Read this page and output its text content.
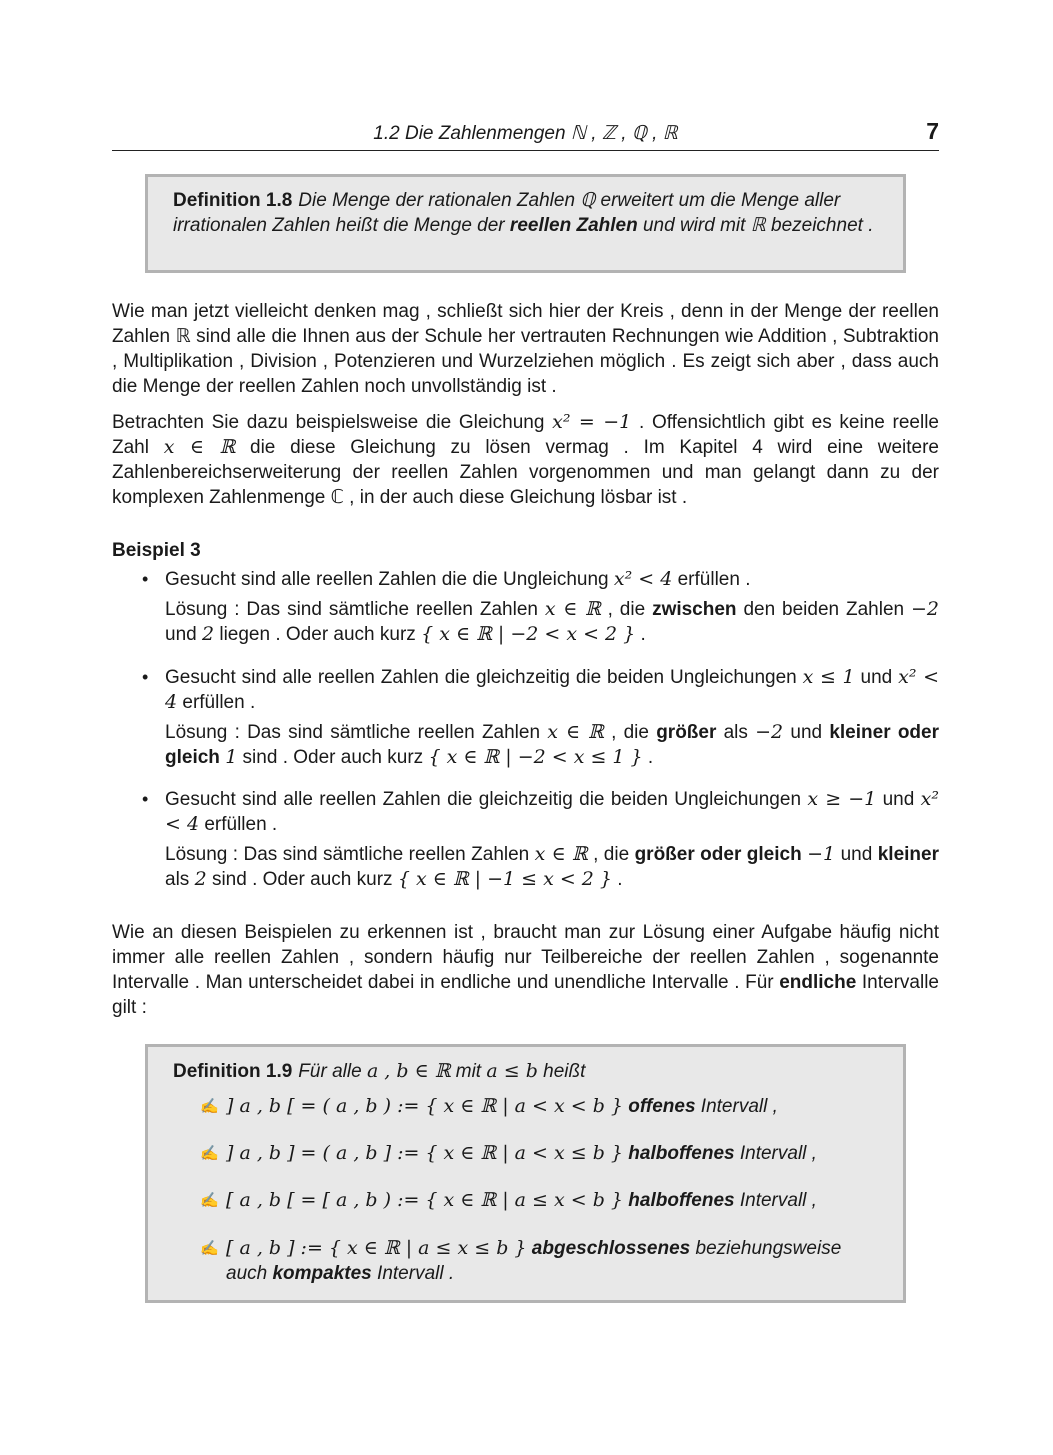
1.2 Die Zahlenmengen ℕ , ℤ , ℚ , ℝ	7
Definition 1.8 Die Menge der rationalen Zahlen ℚ erweitert um die Menge aller irrationalen Zahlen heißt die Menge der reellen Zahlen und wird mit ℝ bezeichnet .

Wie man jetzt vielleicht denken mag , schließt sich hier der Kreis , denn in der Menge der reellen Zahlen ℝ sind alle die Ihnen aus der Schule her vertrauten Rechnungen wie Addition , Subtraktion , Multiplikation , Division , Potenzieren und Wurzelziehen möglich . Es zeigt sich aber , dass auch die Menge der reellen Zahlen noch unvollständig ist .

Betrachten Sie dazu beispielsweise die Gleichung x² = −1 . Offensichtlich gibt es keine reelle Zahl x ∈ ℝ die diese Gleichung zu lösen vermag . Im Kapitel 4 wird eine weitere Zahlenbereichserweiterung der reellen Zahlen vorgenommen und man gelangt dann zu der komplexen Zahlenmenge ℂ , in der auch diese Gleichung lösbar ist .

Beispiel 3
• Gesucht sind alle reellen Zahlen die die Ungleichung x² < 4 erfüllen .
Lösung : Das sind sämtliche reellen Zahlen x ∈ ℝ , die zwischen den beiden Zahlen −2 und 2 liegen . Oder auch kurz { x ∈ ℝ | −2 < x < 2 } .
• Gesucht sind alle reellen Zahlen die gleichzeitig die beiden Ungleichungen x ≤ 1 und x² < 4 erfüllen .
Lösung : Das sind sämtliche reellen Zahlen x ∈ ℝ , die größer als −2 und kleiner oder gleich 1 sind . Oder auch kurz { x ∈ ℝ | −2 < x ≤ 1 } .
• Gesucht sind alle reellen Zahlen die gleichzeitig die beiden Ungleichungen x ≥ −1 und x² < 4 erfüllen .
Lösung : Das sind sämtliche reellen Zahlen x ∈ ℝ , die größer oder gleich −1 und kleiner als 2 sind . Oder auch kurz { x ∈ ℝ | −1 ≤ x < 2 } .

Wie an diesen Beispielen zu erkennen ist , braucht man zur Lösung einer Aufgabe häufig nicht immer alle reellen Zahlen , sondern häufig nur Teilbereiche der reellen Zahlen , sogenannte Intervalle . Man unterscheidet dabei in endliche und unendliche Intervalle . Für endliche Intervalle gilt :

Definition 1.9 Für alle a , b ∈ ℝ mit a ≤ b heißt
✍ ] a , b [ = ( a , b ) := { x ∈ ℝ | a < x < b } offenes Intervall ,
✍ ] a , b ] = ( a , b ] := { x ∈ ℝ | a < x ≤ b } halboffenes Intervall ,
✍ [ a , b [ = [ a , b ) := { x ∈ ℝ | a ≤ x < b } halboffenes Intervall ,
✍ [ a , b ] := { x ∈ ℝ | a ≤ x ≤ b } abgeschlossenes beziehungsweise auch kompaktes Intervall .
